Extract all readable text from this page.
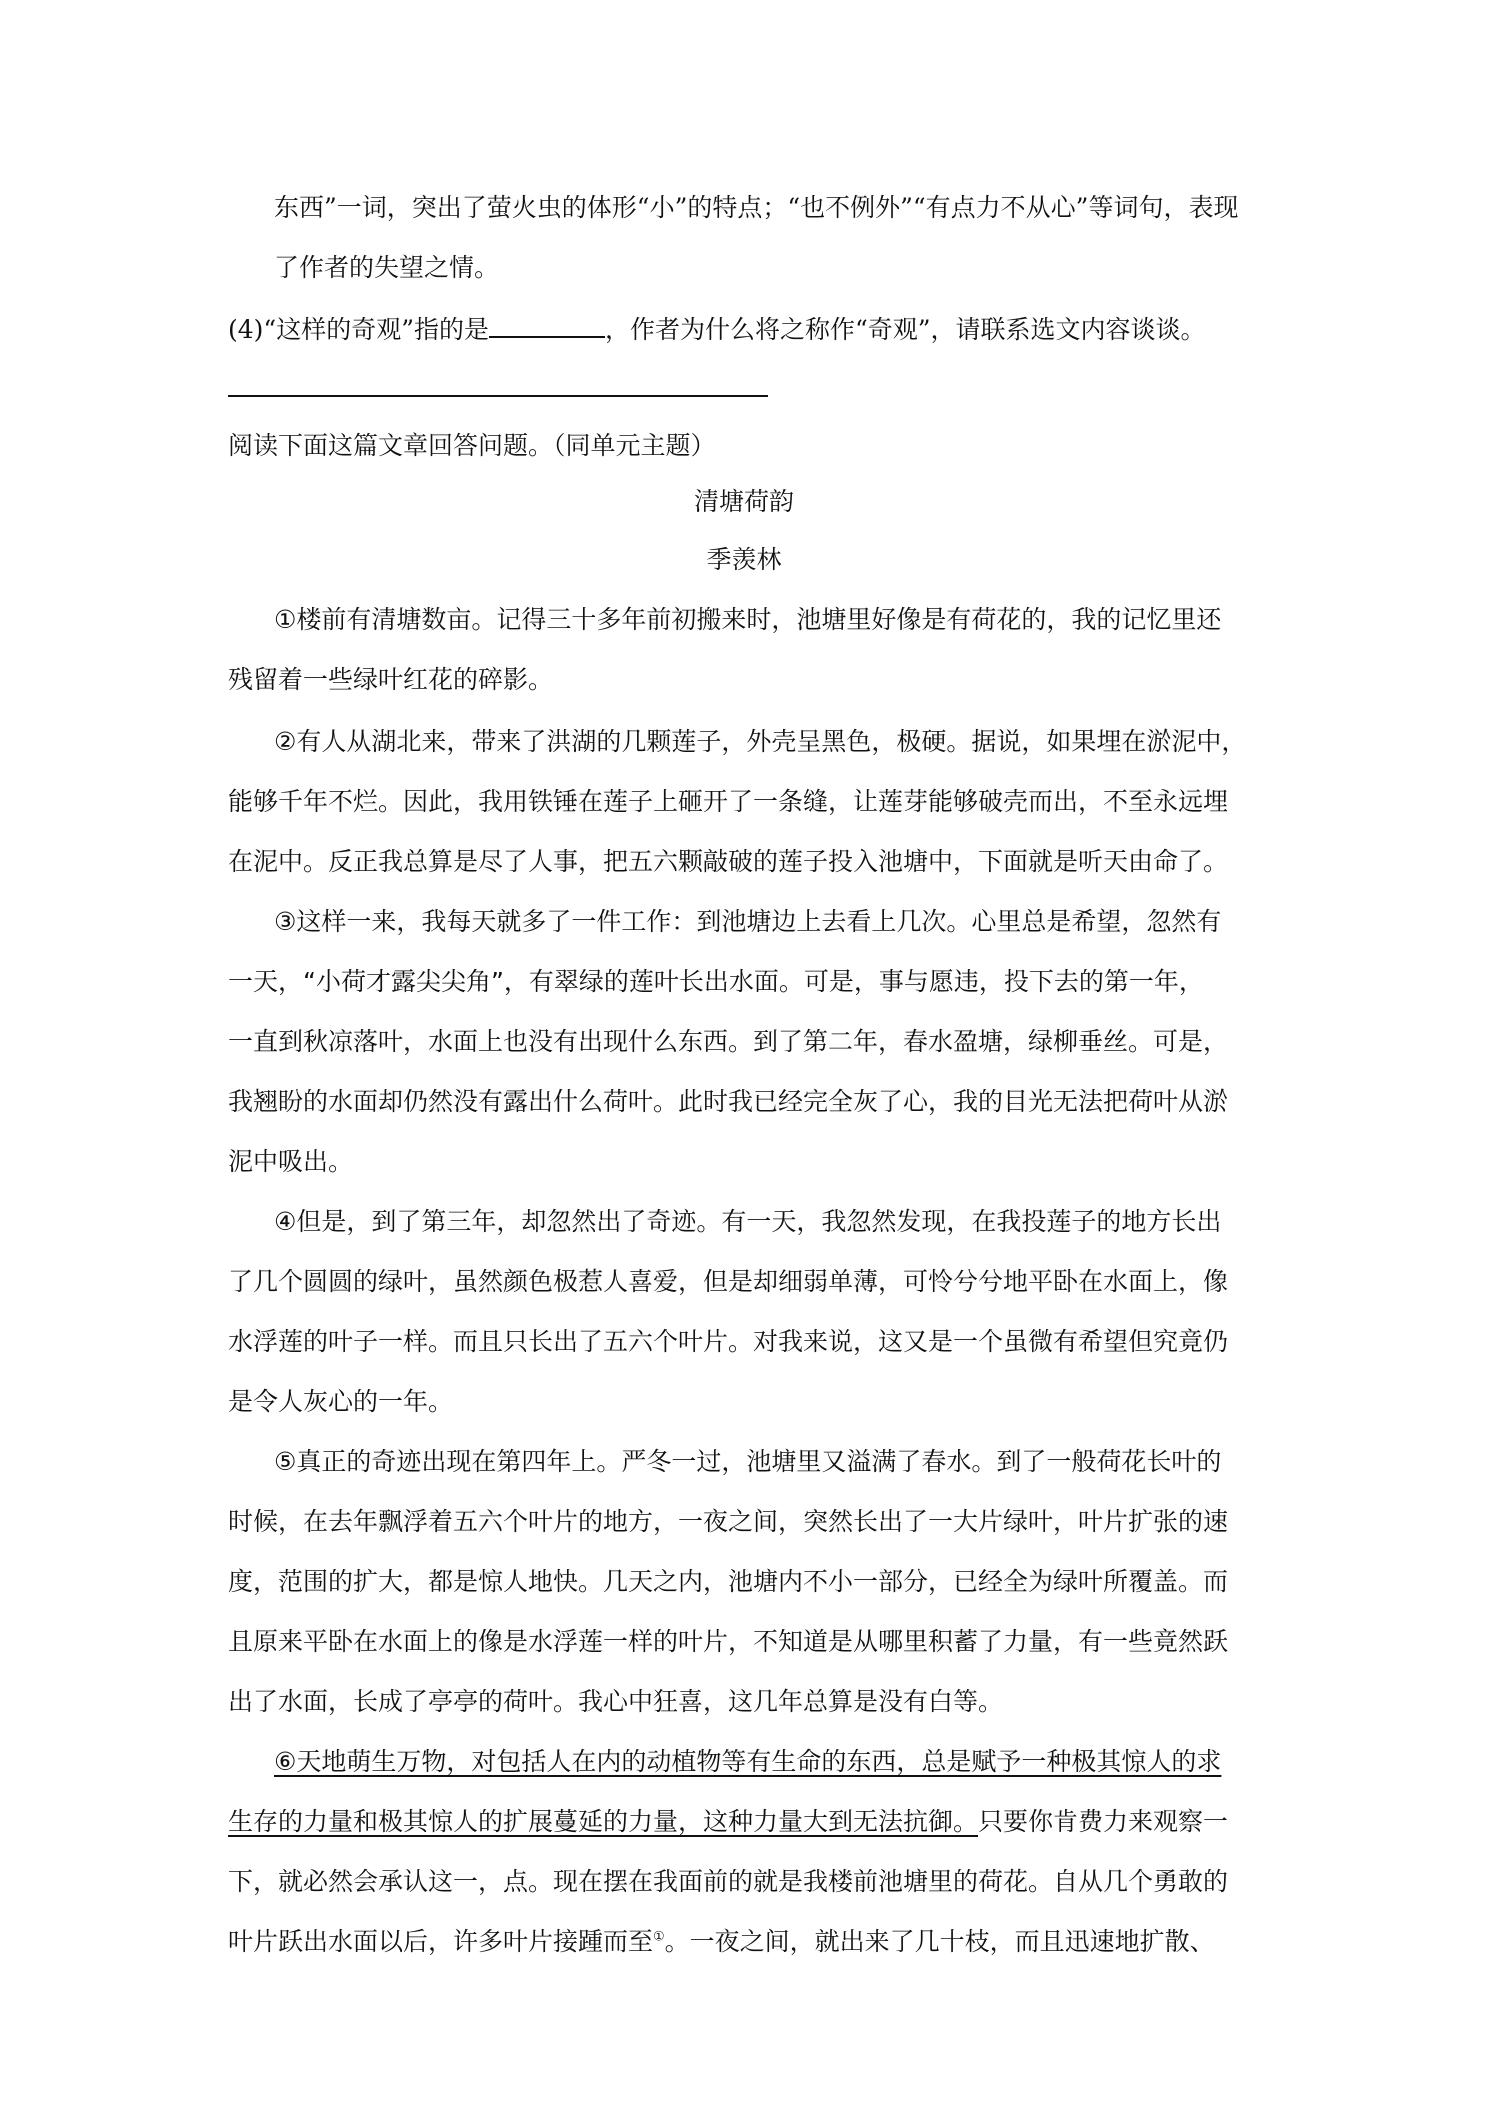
东西”一词，突出了萤火虫的体形“小”的特点；“也不例外”“有点力不从心”等词句，表现
了作者的失望之情。
(4)“这样的奇观”指的是	，作者为什么将之称作“奇观”，请联系选文内容谈谈。
阅读下面这篇文章回答问题。（同单元主题）
清塘荷韵
季羡林
①楼前有清塘数亩。记得三十多年前初搬来时，池塘里好像是有荷花的，我的记忆里还
残留着一些绿叶红花的碎影。
②有人从湖北来，带来了洪湖的几颗莲子，外壳呈黑色，极硬。据说，如果埋在淤泥中，
能够千年不烂。因此，我用铁锤在莲子上砸开了一条缝，让莲芽能够破壳而出，不至永远埋
在泥中。反正我总算是尽了人事，把五六颗敲破的莲子投入池塘中，下面就是听天由命了。
③这样一来，我每天就多了一件工作：到池塘边上去看上几次。心里总是希望，忽然有
一天，“小荷才露尖尖角”，有翠绿的莲叶长出水面。可是，事与愿违，投下去的第一年，
一直到秋凉落叶，水面上也没有出现什么东西。到了第二年，春水盈塘，绿柳垂丝。可是，
我翘盼的水面却仍然没有露出什么荷叶。此时我已经完全灰了心，我的目光无法把荷叶从淤
泥中吸出。
④但是，到了第三年，却忽然出了奇迹。有一天，我忽然发现，在我投莲子的地方长出
了几个圆圆的绿叶，虽然颜色极惹人喜爱，但是却细弱单薄，可怜兮兮地平卧在水面上，像
水浮莲的叶子一样。而且只长出了五六个叶片。对我来说，这又是一个虽微有希望但究竟仍
是令人灰心的一年。
⑤真正的奇迹出现在第四年上。严冬一过，池塘里又溢满了春水。到了一般荷花长叶的
时候，在去年飘浮着五六个叶片的地方，一夜之间，突然长出了一大片绿叶，叶片扩张的速
度，范围的扩大，都是惊人地快。几天之内，池塘内不小一部分，已经全为绿叶所覆盖。而
且原来平卧在水面上的像是水浮莲一样的叶片，不知道是从哪里积蓄了力量，有一些竟然跃
出了水面，长成了亭亭的荷叶。我心中狂喜，这几年总算是没有白等。
⑥天地萌生万物，对包括人在内的动植物等有生命的东西，总是赋予一种极其惊人的求
生存的力量和极其惊人的扩展蔓延的力量，这种力量大到无法抗御。只要你肯费力来观察一
下，就必然会承认这一，点。现在摆在我面前的就是我楼前池塘里的荷花。自从几个勇敢的
叶片跃出水面以后，许多叶片接踵而至①。一夜之间，就出来了几十枝，而且迅速地扩散、
